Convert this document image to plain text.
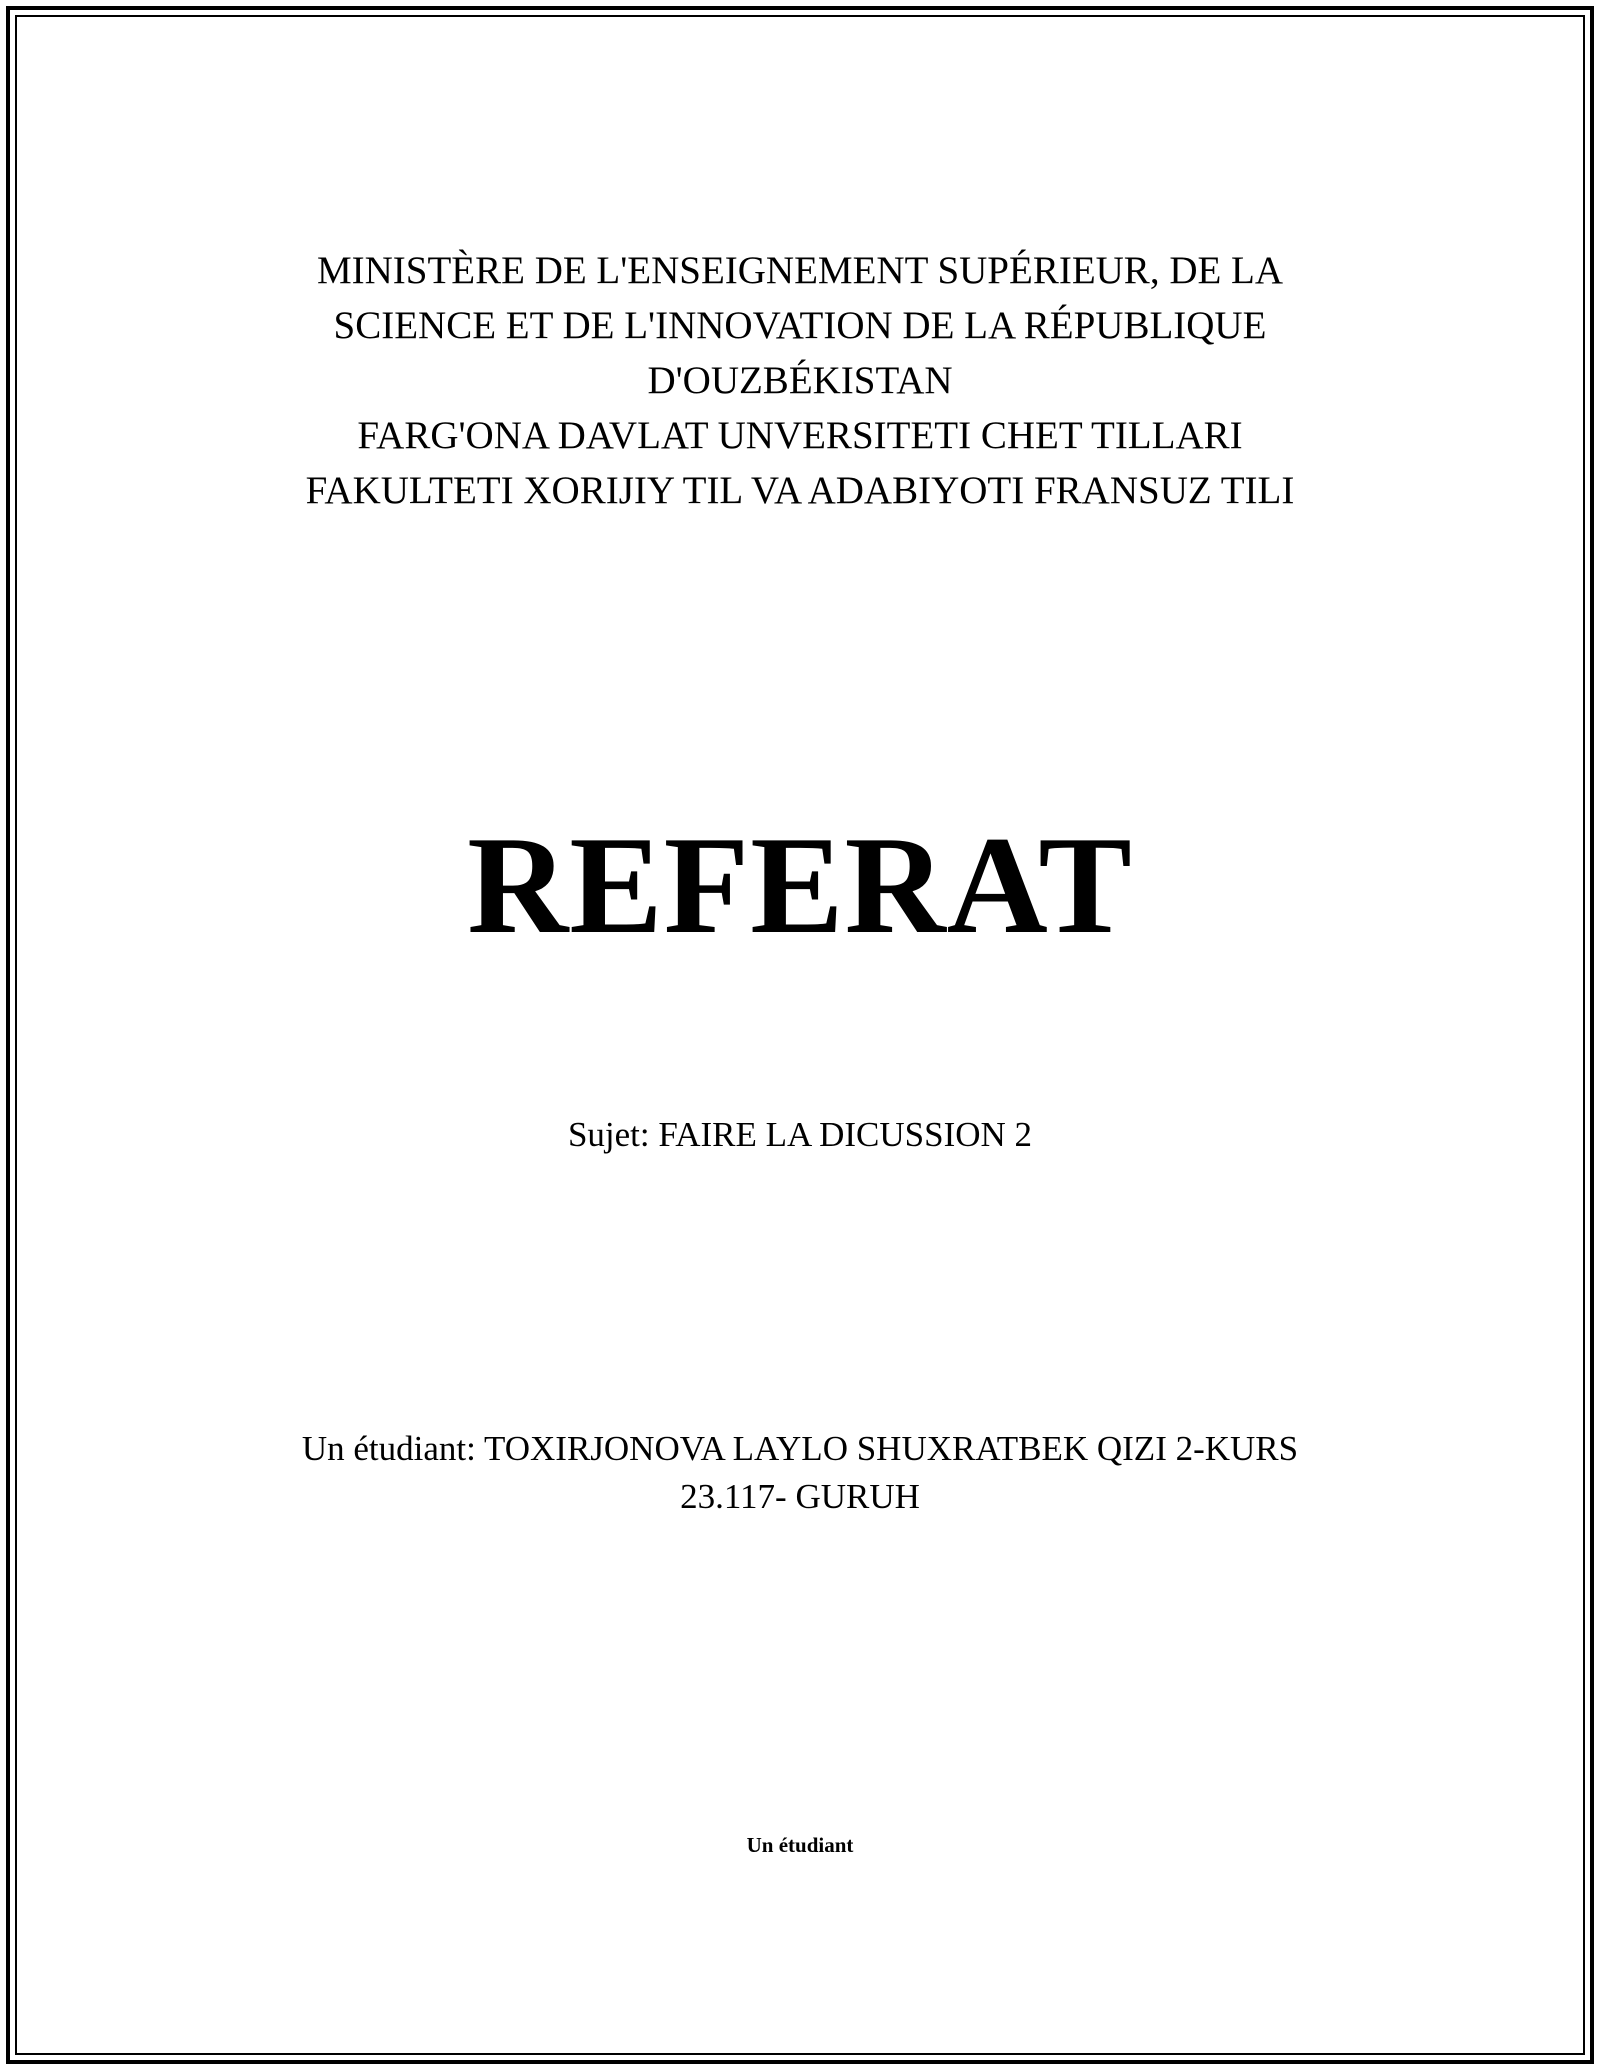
MINISTÈRE DE L'ENSEIGNEMENT SUPÉRIEUR, DE LA
SCIENCE ET DE L'INNOVATION DE LA RÉPUBLIQUE
D'OUZBÉKISTAN
FARG'ONA DAVLAT UNVERSITETI CHET TILLARI
FAKULTETI XORIJIY TIL VA ADABIYOTI FRANSUZ TILI
REFERAT
Sujet: FAIRE LA DICUSSION 2
Un étudiant: TOXIRJONOVA LAYLO SHUXRATBEK QIZI 2-KURS
23.117- GURUH
Un étudiant
